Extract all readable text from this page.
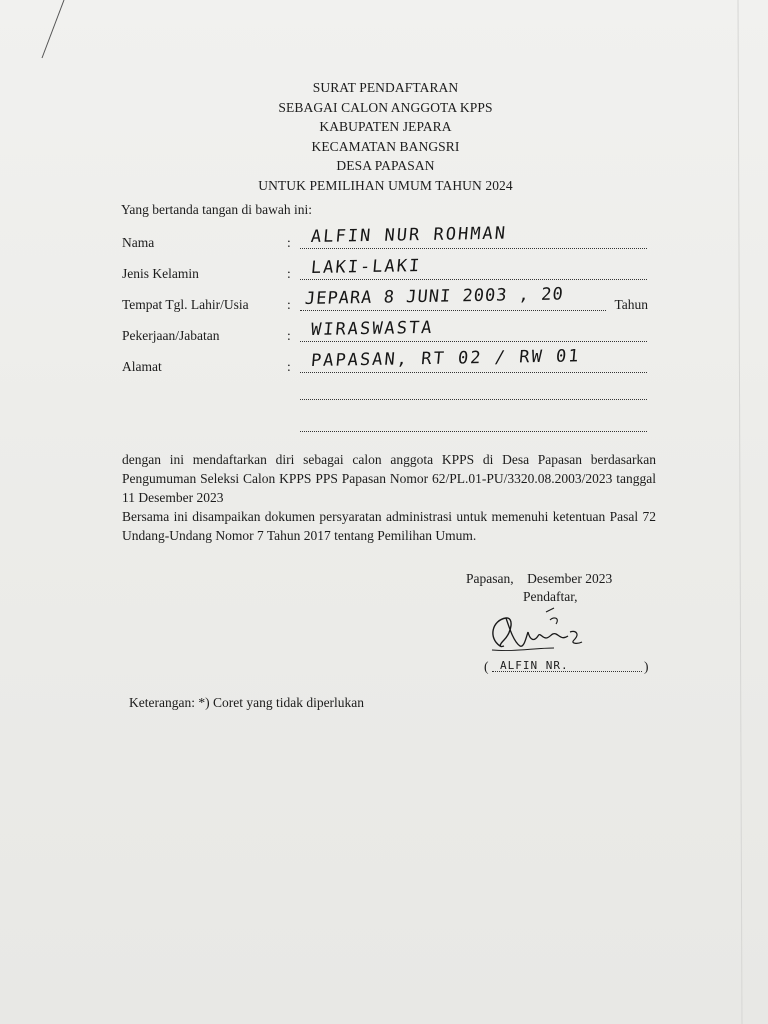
SURAT PENDAFTARAN
SEBAGAI CALON ANGGOTA KPPS
KABUPATEN JEPARA
KECAMATAN BANGSRI
DESA PAPASAN
UNTUK PEMILIHAN UMUM TAHUN 2024
Yang bertanda tangan di bawah ini:
Nama	: ALFIN NUR ROHMAN
Jenis Kelamin	: LAKI-LAKI
Tempat Tgl. Lahir/Usia	: JEPARA 8 JUNI 2003 , 20	Tahun
Pekerjaan/Jabatan	: WIRASWASTA
Alamat	: PAPASAN, RT 02 / RW 01
dengan ini mendaftarkan diri sebagai calon anggota KPPS di Desa Papasan berdasarkan Pengumuman Seleksi Calon KPPS PPS Papasan Nomor 62/PL.01-PU/3320.08.2003/2023 tanggal 11 Desember 2023
Bersama ini disampaikan dokumen persyaratan administrasi untuk memenuhi ketentuan Pasal 72 Undang-Undang Nomor 7 Tahun 2017 tentang Pemilihan Umum.
Papasan,    Desember 2023
Pendaftar,
( ALFIN NR.	)
Keterangan: *) Coret yang tidak diperlukan
